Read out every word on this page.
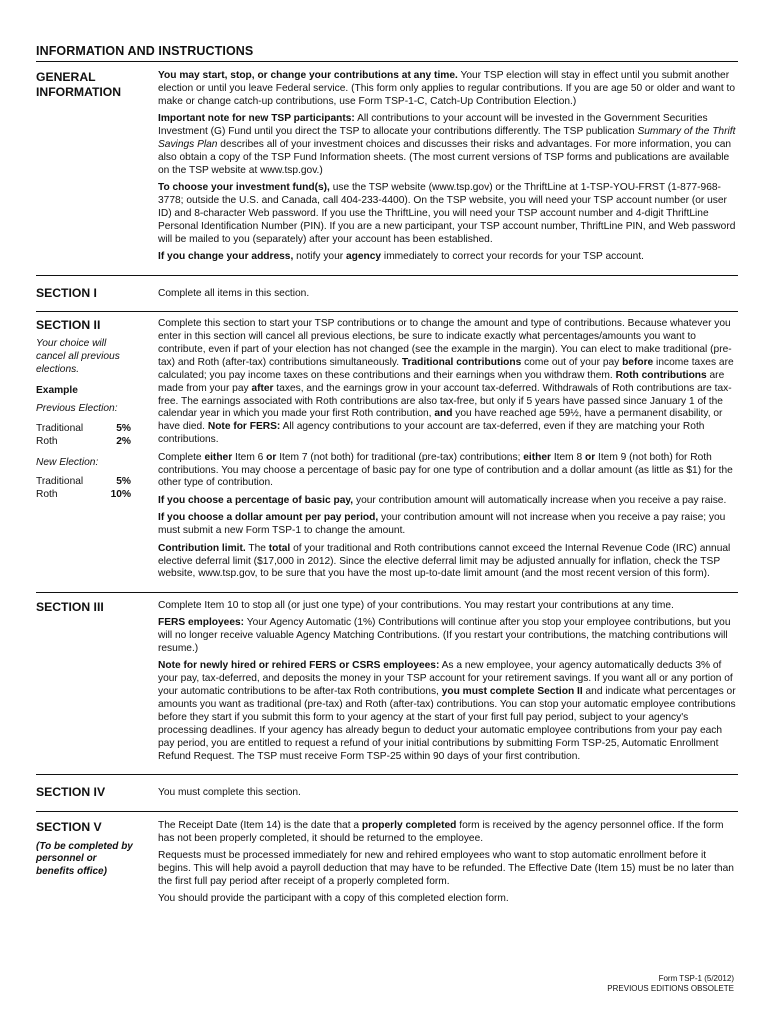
INFORMATION AND INSTRUCTIONS
GENERAL
INFORMATION

You may start, stop, or change your contributions at any time. Your TSP election will stay in effect until you submit another election or until you leave Federal service. (This form only applies to regular contributions. If you are age 50 or older and want to make or change catch-up contributions, use Form TSP-1-C, Catch-Up Contribution Election.)

Important note for new TSP participants: All contributions to your account will be invested in the Government Securities Investment (G) Fund until you direct the TSP to allocate your contributions differently. The TSP publication Summary of the Thrift Savings Plan describes all of your investment choices and discusses their risks and advantages. For more information, you can also obtain a copy of the TSP Fund Information sheets. (The most current versions of TSP forms and publications are available on the TSP website at www.tsp.gov.)

To choose your investment fund(s), use the TSP website (www.tsp.gov) or the ThriftLine at 1-TSP-YOU-FRST (1-877-968-3778; outside the U.S. and Canada, call 404-233-4400). On the TSP website, you will need your TSP account number (or user ID) and 8-character Web password. If you use the ThriftLine, you will need your TSP account number and 4-digit ThriftLine Personal Identification Number (PIN). If you are a new participant, your TSP account number, ThriftLine PIN, and Web password will be mailed to you (separately) after your account has been established.

If you change your address, notify your agency immediately to correct your records for your TSP account.

SECTION I	Complete all items in this section.

SECTION II
Your choice will cancel all previous elections.
Example
Previous Election:
Traditional	5%
Roth	2%
New Election:
Traditional	5%
Roth	10%

Complete this section to start your TSP contributions or to change the amount and type of contributions. Because whatever you enter in this section will cancel all previous elections, be sure to indicate exactly what percentages/amounts you want to contribute, even if part of your election has not changed (see the example in the margin). You can elect to make traditional (pre-tax) and Roth (after-tax) contributions simultaneously. Traditional contributions come out of your pay before income taxes are calculated; you pay income taxes on these contributions and their earnings when you withdraw them. Roth contributions are made from your pay after taxes, and the earnings grow in your account tax-deferred. Withdrawals of Roth contributions are tax-free. The earnings associated with Roth contributions are also tax-free, but only if 5 years have passed since January 1 of the calendar year in which you made your first Roth contribution, and you have reached age 59½, have a permanent disability, or have died. Note for FERS: All agency contributions to your account are tax-deferred, even if they are matching your Roth contributions.

Complete either Item 6 or Item 7 (not both) for traditional (pre-tax) contributions; either Item 8 or Item 9 (not both) for Roth contributions. You may choose a percentage of basic pay for one type of contribution and a dollar amount (as little as $1) for the other type of contribution.

If you choose a percentage of basic pay, your contribution amount will automatically increase when you receive a pay raise.

If you choose a dollar amount per pay period, your contribution amount will not increase when you receive a pay raise; you must submit a new Form TSP-1 to change the amount.

Contribution limit. The total of your traditional and Roth contributions cannot exceed the Internal Revenue Code (IRC) annual elective deferral limit ($17,000 in 2012). Since the elective deferral limit may be adjusted annually for inflation, check the TSP website, www.tsp.gov, to be sure that you have the most up-to-date limit amount (and the most recent version of this form).

SECTION III	Complete Item 10 to stop all (or just one type) of your contributions. You may restart your contributions at any time.

FERS employees: Your Agency Automatic (1%) Contributions will continue after you stop your employee contributions, but you will no longer receive valuable Agency Matching Contributions. (If you restart your contributions, the matching contributions will resume.)

Note for newly hired or rehired FERS or CSRS employees: As a new employee, your agency automatically deducts 3% of your pay, tax-deferred, and deposits the money in your TSP account for your retirement savings. If you want all or any portion of your automatic contributions to be after-tax Roth contributions, you must complete Section II and indicate what percentages or amounts you want as traditional (pre-tax) and Roth (after-tax) contributions. You can stop your automatic employee contributions before they start if you submit this form to your agency at the start of your first full pay period, subject to your agency's processing deadlines. If your agency has already begun to deduct your automatic employee contributions from your pay each pay period, you are entitled to request a refund of your initial contributions by submitting Form TSP-25, Automatic Enrollment Refund Request. The TSP must receive Form TSP-25 within 90 days of your first contribution.

SECTION IV	You must complete this section.

SECTION V
(To be completed by personnel or benefits office)

The Receipt Date (Item 14) is the date that a properly completed form is received by the agency personnel office. If the form has not been properly completed, it should be returned to the employee.

Requests must be processed immediately for new and rehired employees who want to stop automatic enrollment before it begins. This will help avoid a payroll deduction that may have to be refunded. The Effective Date (Item 15) must be no later than the first full pay period after receipt of a properly completed form.

You should provide the participant with a copy of this completed election form.

Form TSP-1 (5/2012)
PREVIOUS EDITIONS OBSOLETE
